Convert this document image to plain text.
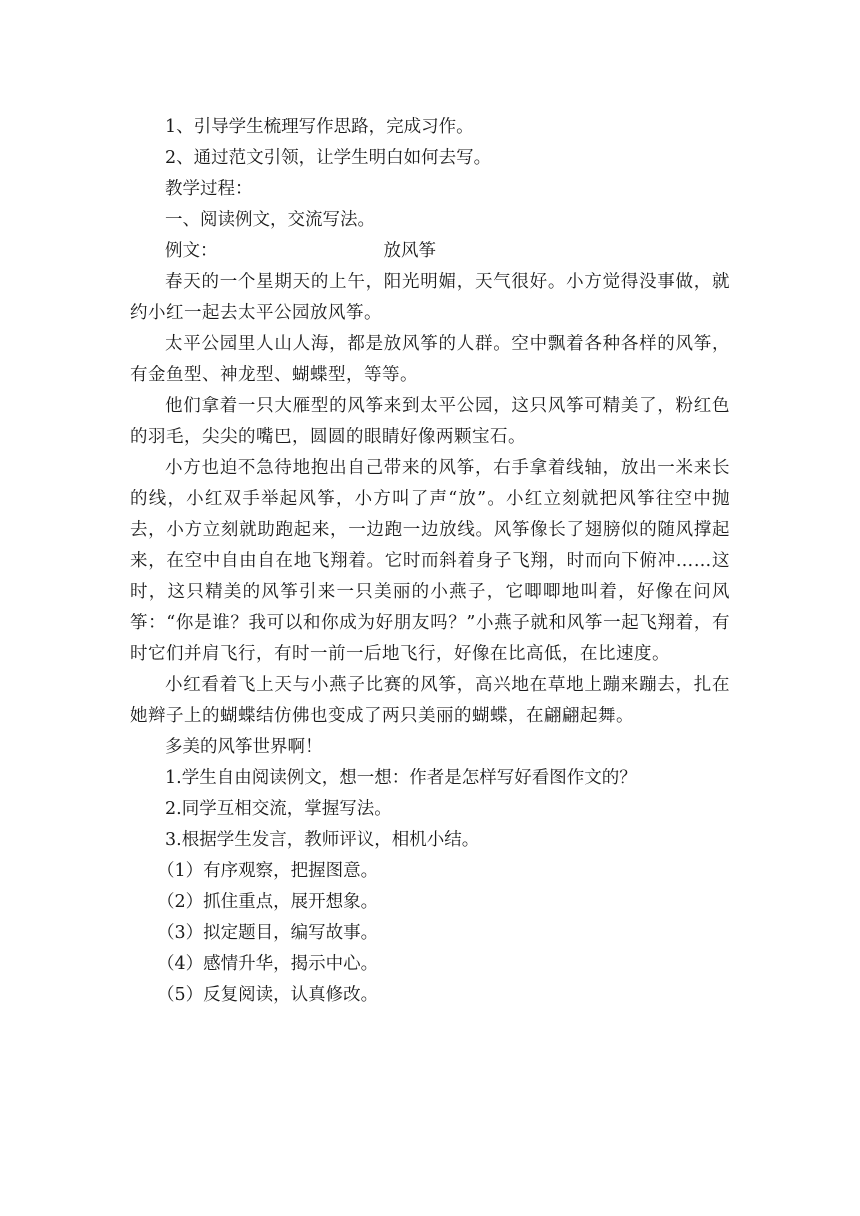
1、引导学生梳理写作思路，完成习作。

2、通过范文引领，让学生明白如何去写。

教学过程：

一、阅读例文，交流写法。

例文：	放风筝

春天的一个星期天的上午，阳光明媚，天气很好。小方觉得没事做，就约小红一起去太平公园放风筝。

太平公园里人山人海，都是放风筝的人群。空中飘着各种各样的风筝，有金鱼型、神龙型、蝴蝶型，等等。

他们拿着一只大雁型的风筝来到太平公园，这只风筝可精美了，粉红色的羽毛，尖尖的嘴巴，圆圆的眼睛好像两颗宝石。

小方也迫不急待地抱出自己带来的风筝，右手拿着线轴，放出一米来长的线，小红双手举起风筝，小方叫了声“放”。小红立刻就把风筝往空中抛去，小方立刻就助跑起来，一边跑一边放线。风筝像长了翅膀似的随风撑起来，在空中自由自在地飞翔着。它时而斜着身子飞翔，时而向下俯冲……这时，这只精美的风筝引来一只美丽的小燕子，它唧唧地叫着，好像在问风筝：“你是谁？我可以和你成为好朋友吗？”小燕子就和风筝一起飞翔着，有时它们并肩飞行，有时一前一后地飞行，好像在比高低，在比速度。

小红看着飞上天与小燕子比赛的风筝，高兴地在草地上蹦来蹦去，扎在她辫子上的蝴蝶结仿佛也变成了两只美丽的蝴蝶，在翩翩起舞。

多美的风筝世界啊！

1.学生自由阅读例文，想一想：作者是怎样写好看图作文的？

2.同学互相交流，掌握写法。

3.根据学生发言，教师评议，相机小结。

（1）有序观察，把握图意。

（2）抓住重点，展开想象。

（3）拟定题目，编写故事。

（4）感情升华，揭示中心。

（5）反复阅读，认真修改。
